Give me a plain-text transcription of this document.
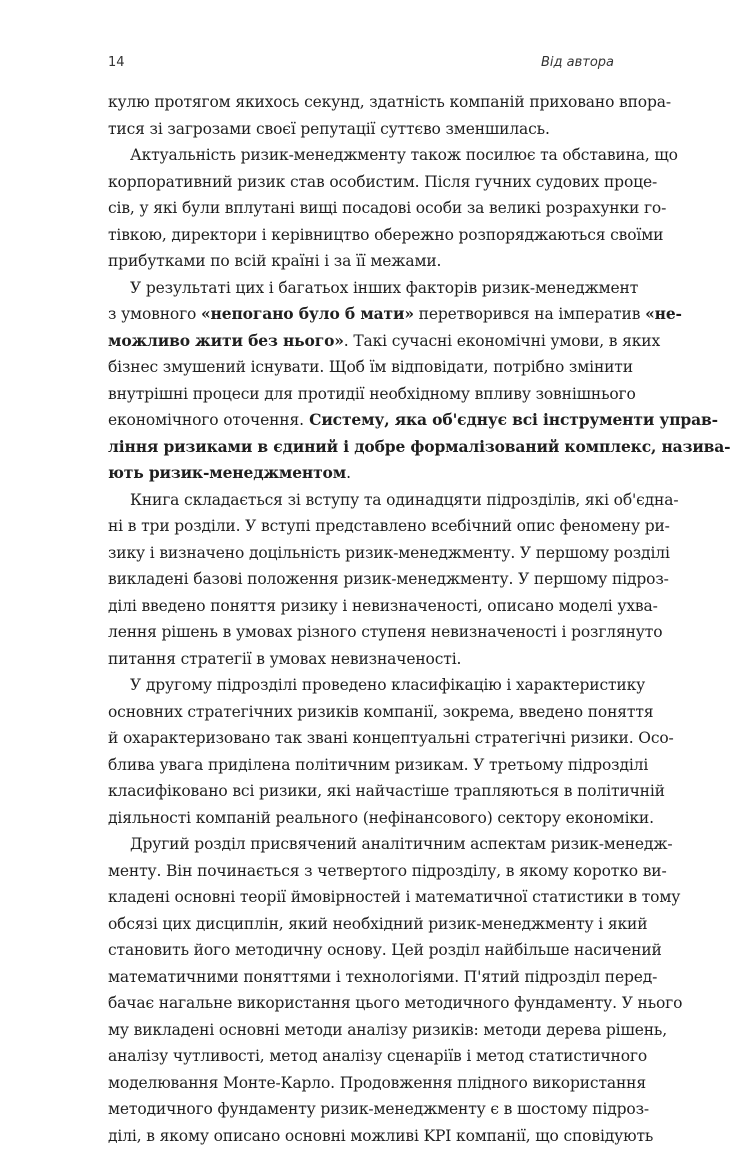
14	Від автора
кулю протягом якихось секунд, здатність компаній приховано впора-
тися зі загрозами своєї репутації суттєво зменшилась.
Актуальність ризик-менеджменту також посилює та обставина, що
корпоративний ризик став особистим. Після гучних судових проце-
сів, у які були вплутані вищі посадові особи за великі розрахунки го-
тівкою, директори і керівництво обережно розпоряджаються своїми
прибутками по всій країні і за її межами.
У результаті цих і багатьох інших факторів ризик-менеджмент
з умовного «непогано було б мати» перетворився на імператив «не-
можливо жити без нього». Такі сучасні економічні умови, в яких
бізнес змушений існувати. Щоб їм відповідати, потрібно змінити
внутрішні процеси для протидії необхідному впливу зовнішнього
економічного оточення. Систему, яка об'єднує всі інструменти управ-
ління ризиками в єдиний і добре формалізований комплекс, назива-
ють ризик-менеджментом.
Книга складається зі вступу та одинадцяти підрозділів, які об'єдна-
ні в три розділи. У вступі представлено всебічний опис феномену ри-
зику і визначено доцільність ризик-менеджменту. У першому розділі
викладені базові положення ризик-менеджменту. У першому підроз-
ділі введено поняття ризику і невизначеності, описано моделі ухва-
лення рішень в умовах різного ступеня невизначеності і розглянуто
питання стратегії в умовах невизначеності.
У другому підрозділі проведено класифікацію і характеристику
основних стратегічних ризиків компанії, зокрема, введено поняття
й охарактеризовано так звані концептуальні стратегічні ризики. Осо-
блива увага приділена політичним ризикам. У третьому підрозділі
класифіковано всі ризики, які найчастіше трапляються в політичній
діяльності компаній реального (нефінансового) сектору економіки.
Другий розділ присвячений аналітичним аспектам ризик-менедж-
менту. Він починається з четвертого підрозділу, в якому коротко ви-
кладені основні теорії ймовірностей і математичної статистики в тому
обсязі цих дисциплін, який необхідний ризик-менеджменту і який
становить його методичну основу. Цей розділ найбільше насичений
математичними поняттями і технологіями. П'ятий підрозділ перед-
бачає нагальне використання цього методичного фундаменту. У нього
му викладені основні методи аналізу ризиків: методи дерева рішень,
аналізу чутливості, метод аналізу сценаріїв і метод статистичного
моделювання Монте-Карло. Продовження плідного використання
методичного фундаменту ризик-менеджменту є в шостому підроз-
ділі, в якому описано основні можливі KPI компанії, що сповідують
